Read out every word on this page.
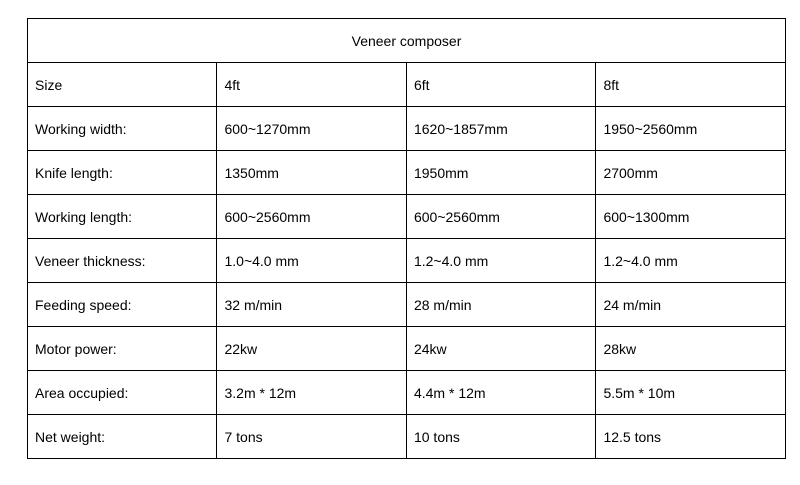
Veneer composer			
Size	4ft	6ft	8ft
Working width:	600~1270mm	1620~1857mm	1950~2560mm
Knife length:	1350mm	1950mm	2700mm
Working length:	600~2560mm	600~2560mm	600~1300mm
Veneer thickness:	1.0~4.0 mm	1.2~4.0 mm	1.2~4.0 mm
Feeding speed:	32 m/min	28 m/min	24 m/min
Motor power:	22kw	24kw	28kw
Area occupied:	3.2m * 12m	4.4m * 12m	5.5m * 10m
Net weight:	7 tons	10 tons	12.5 tons
